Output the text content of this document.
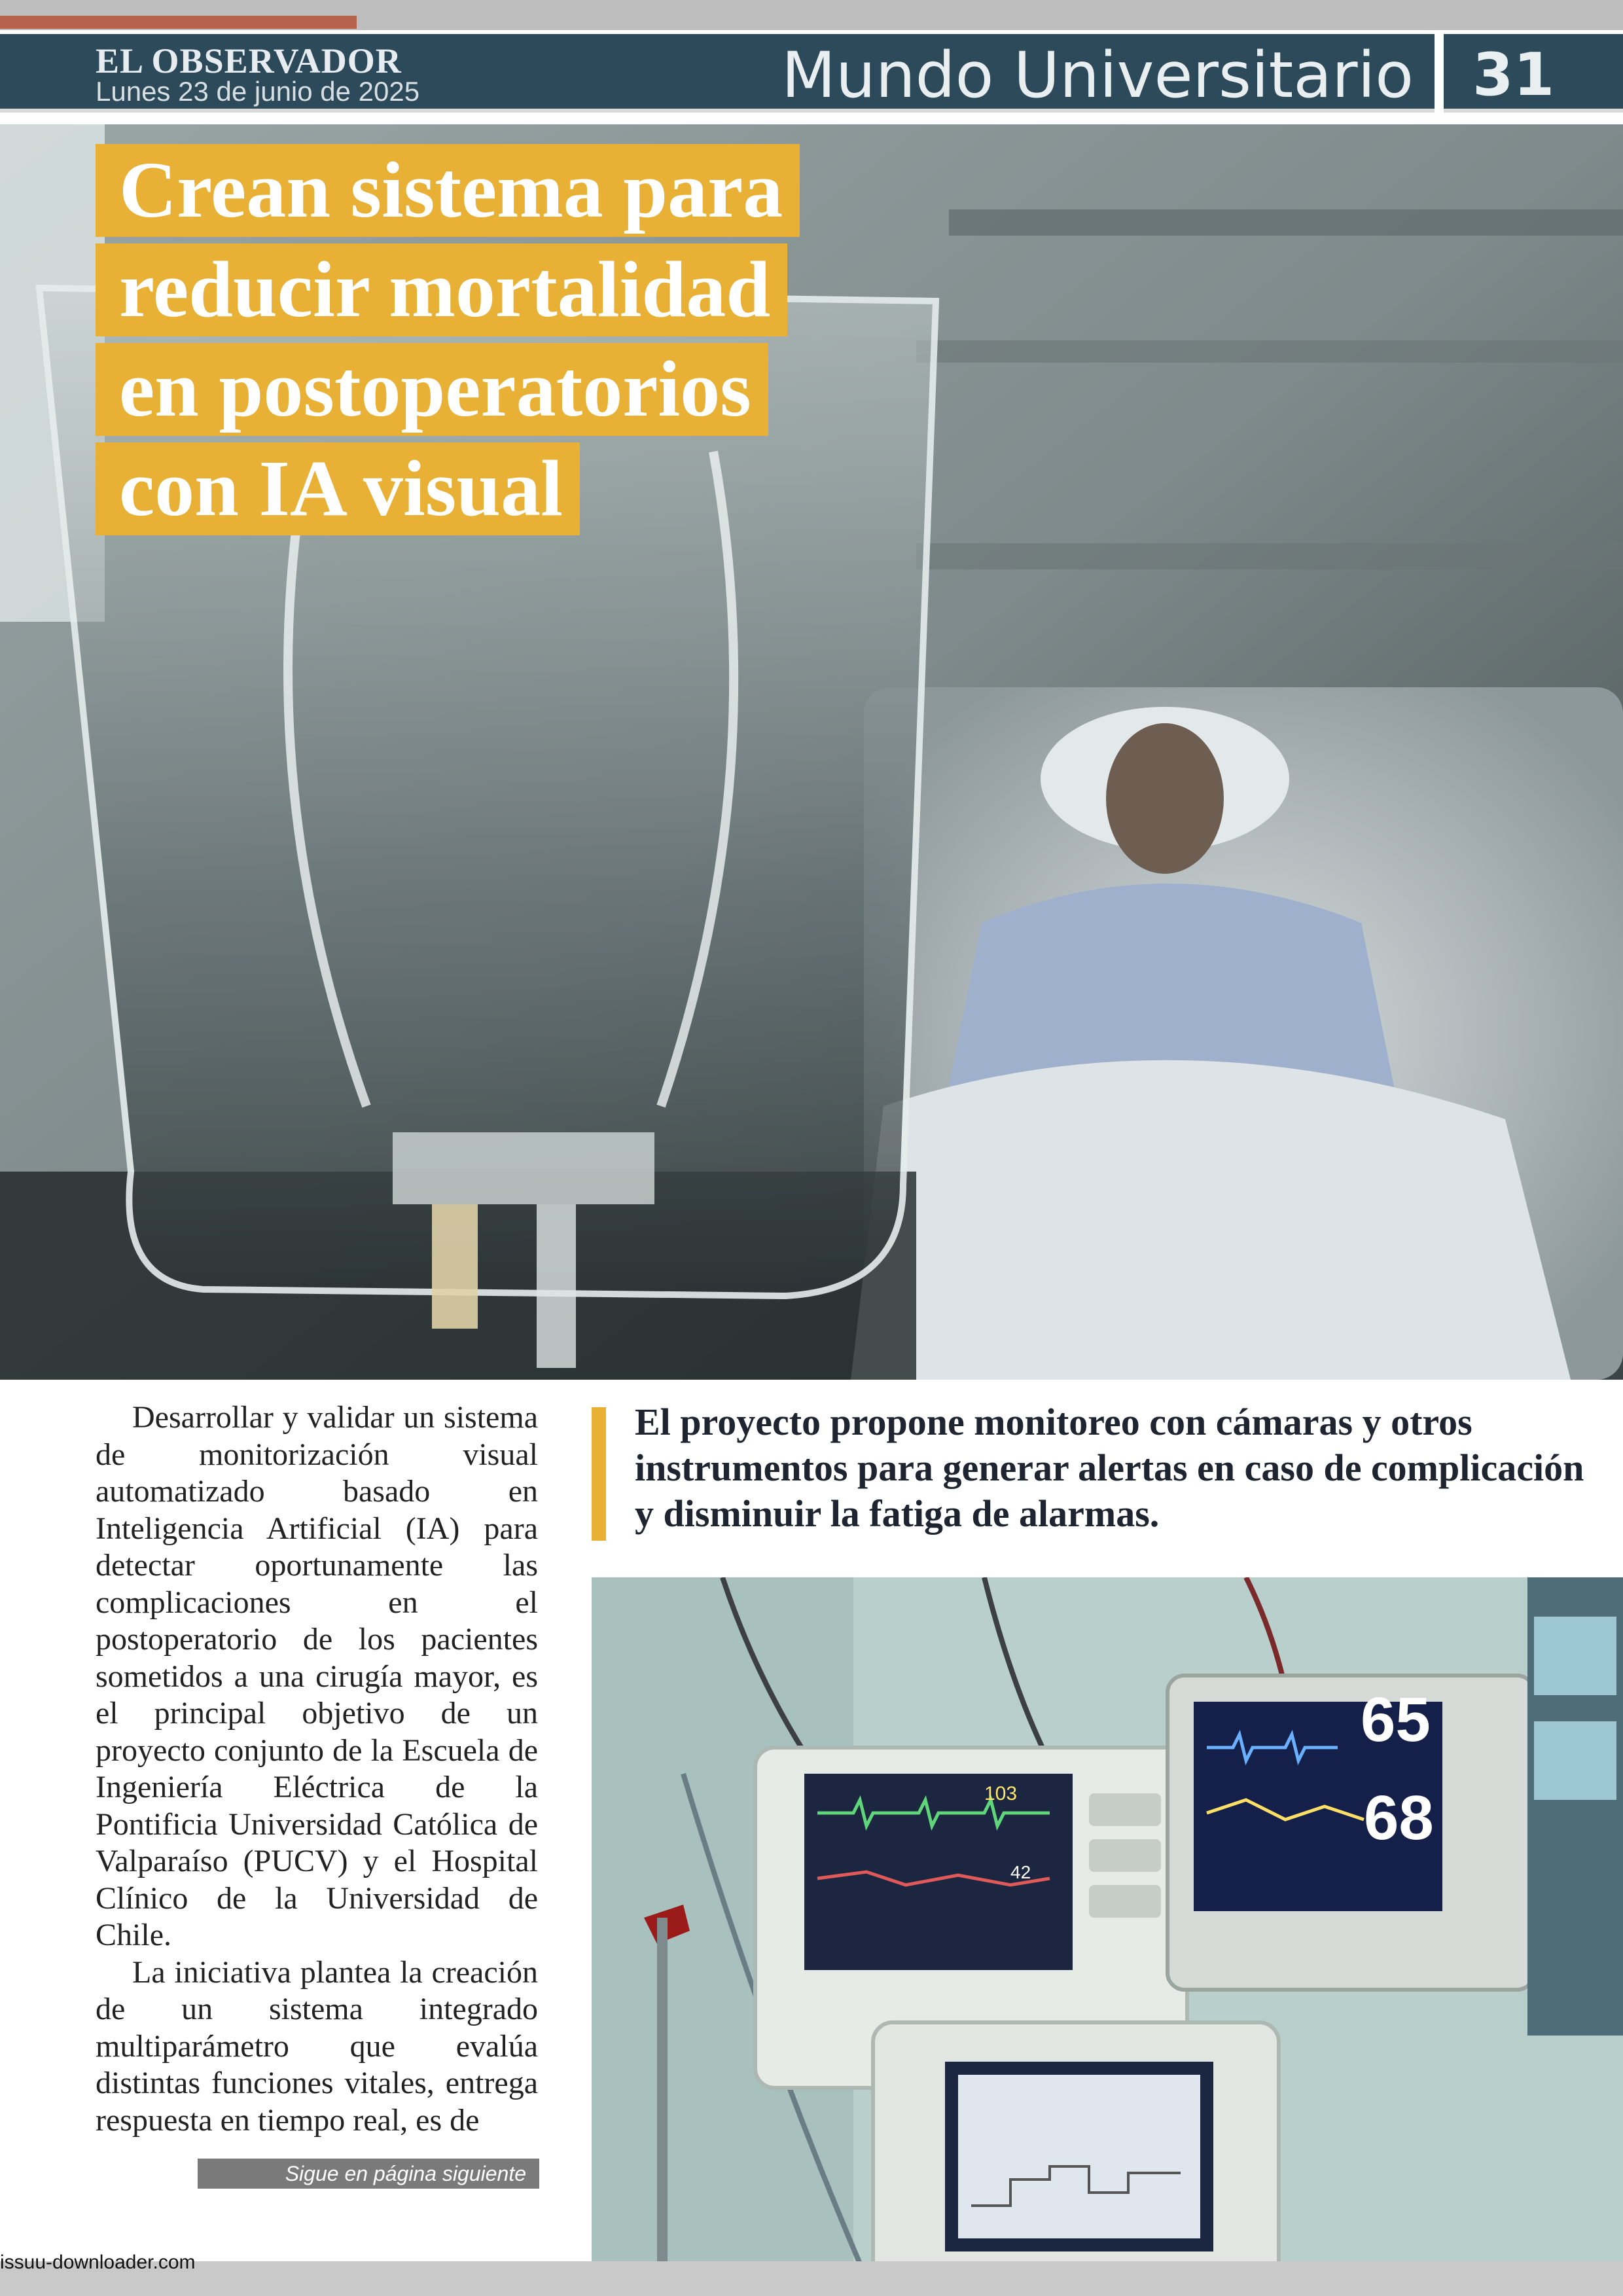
EL OBSERVADOR
Lunes 23 de junio de 2025	Mundo Universitario 31
Crean sistema para
reducir mortalidad
en postoperatorios
con IA visual

Desarrollar y validar un sistema de monitorización visual automatizado basado en Inteligencia Artificial (IA) para detectar oportunamente las complicaciones en el postoperatorio de los pacientes sometidos a una cirugía mayor, es el principal objetivo de un proyecto conjunto de la Escuela de Ingeniería Eléctrica de la Pontificia Universidad Católica de Valparaíso (PUCV) y el Hospital Clínico de la Universidad de Chile.

La iniciativa plantea la creación de un sistema integrado multiparámetro que evalúa distintas funciones vitales, entrega respuesta en tiempo real, es de

Sigue en página siguiente
El proyecto propone monitoreo con cámaras y otros instrumentos para generar alertas en caso de complicación y disminuir la fatiga de alarmas.
103
42
65
68
issuu-downloader.com
